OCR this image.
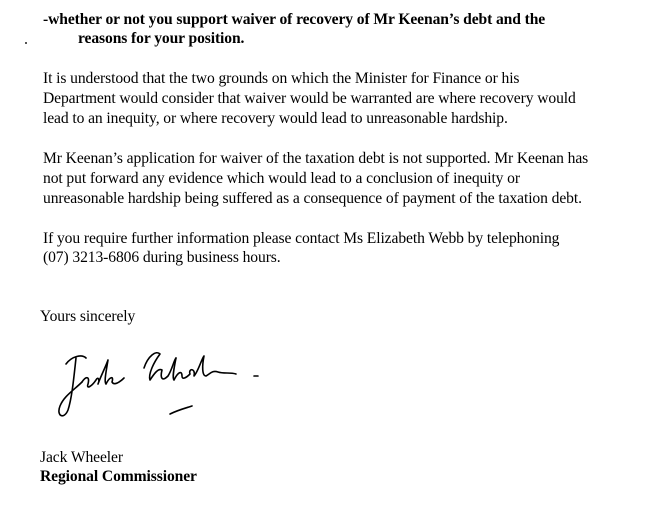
-whether or not you support waiver of recovery of Mr Keenan’s debt and the
reasons for your position.
It is understood that the two grounds on which the Minister for Finance or his
Department would consider that waiver would be warranted are where recovery would
lead to an inequity, or where recovery would lead to unreasonable hardship.
Mr Keenan’s application for waiver of the taxation debt is not supported. Mr Keenan has
not put forward any evidence which would lead to a conclusion of inequity or
unreasonable hardship being suffered as a consequence of payment of the taxation debt.
If you require further information please contact Ms Elizabeth Webb by telephoning
(07) 3213-6806 during business hours.
Yours sincerely
Jack Wheeler
Regional Commissioner
